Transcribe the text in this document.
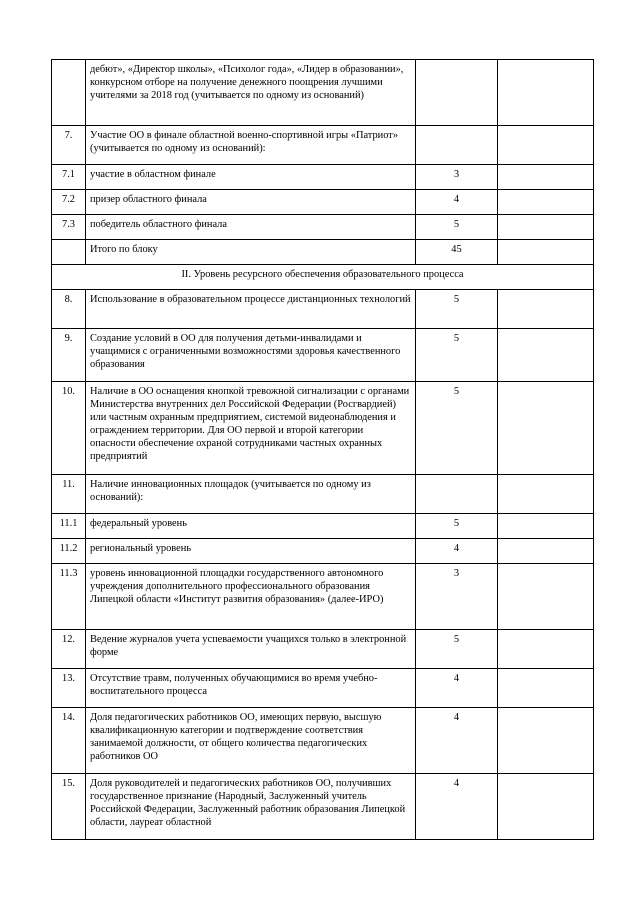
	дебют», «Директор школы», «Психолог года», «Лидер в образовании», конкурсном отборе на получение денежного поощрения лучшими учителями за 2018 год (учитывается по одному из оснований)		
7.	Участие ОО в финале областной военно-спортивной игры «Патриот» (учитывается по одному из оснований):		
7.1	участие в областном финале	3	
7.2	призер областного финала	4	
7.3	победитель областного финала	5	
	Итого по блоку	45	
II. Уровень ресурсного обеспечения образовательного процесса			
8.	Использование в образовательном процессе дистанционных технологий	5	
9.	Создание условий в ОО для получения детьми-инвалидами и учащимися с ограниченными возможностями здоровья качественного образования	5	
10.	Наличие в ОО оснащения кнопкой тревожной сигнализации с органами Министерства внутренних дел Российской Федерации (Росгвардией) или частным охранным предприятием, системой видеонаблюдения и ограждением территории. Для ОО первой и второй категории опасности обеспечение охраной сотрудниками частных охранных предприятий	5	
11.	Наличие инновационных площадок (учитывается по одному из оснований):		
11.1	федеральный уровень	5	
11.2	региональный уровень	4	
11.3	уровень инновационной площадки государственного автономного учреждения дополнительного профессионального образования Липецкой области «Институт развития образования» (далее-ИРО)	3	
12.	Ведение журналов учета успеваемости учащихся только в электронной форме	5	
13.	Отсутствие травм, полученных обучающимися во время учебно-воспитательного процесса	4	
14.	Доля педагогических работников ОО, имеющих первую, высшую квалификационную категории и подтверждение соответствия занимаемой должности, от общего количества педагогических работников ОО	4	
15.	Доля руководителей и педагогических работников ОО, получивших государственное признание (Народный, Заслуженный учитель Российской Федерации, Заслуженный работник образования Липецкой области, лауреат областной	4	
